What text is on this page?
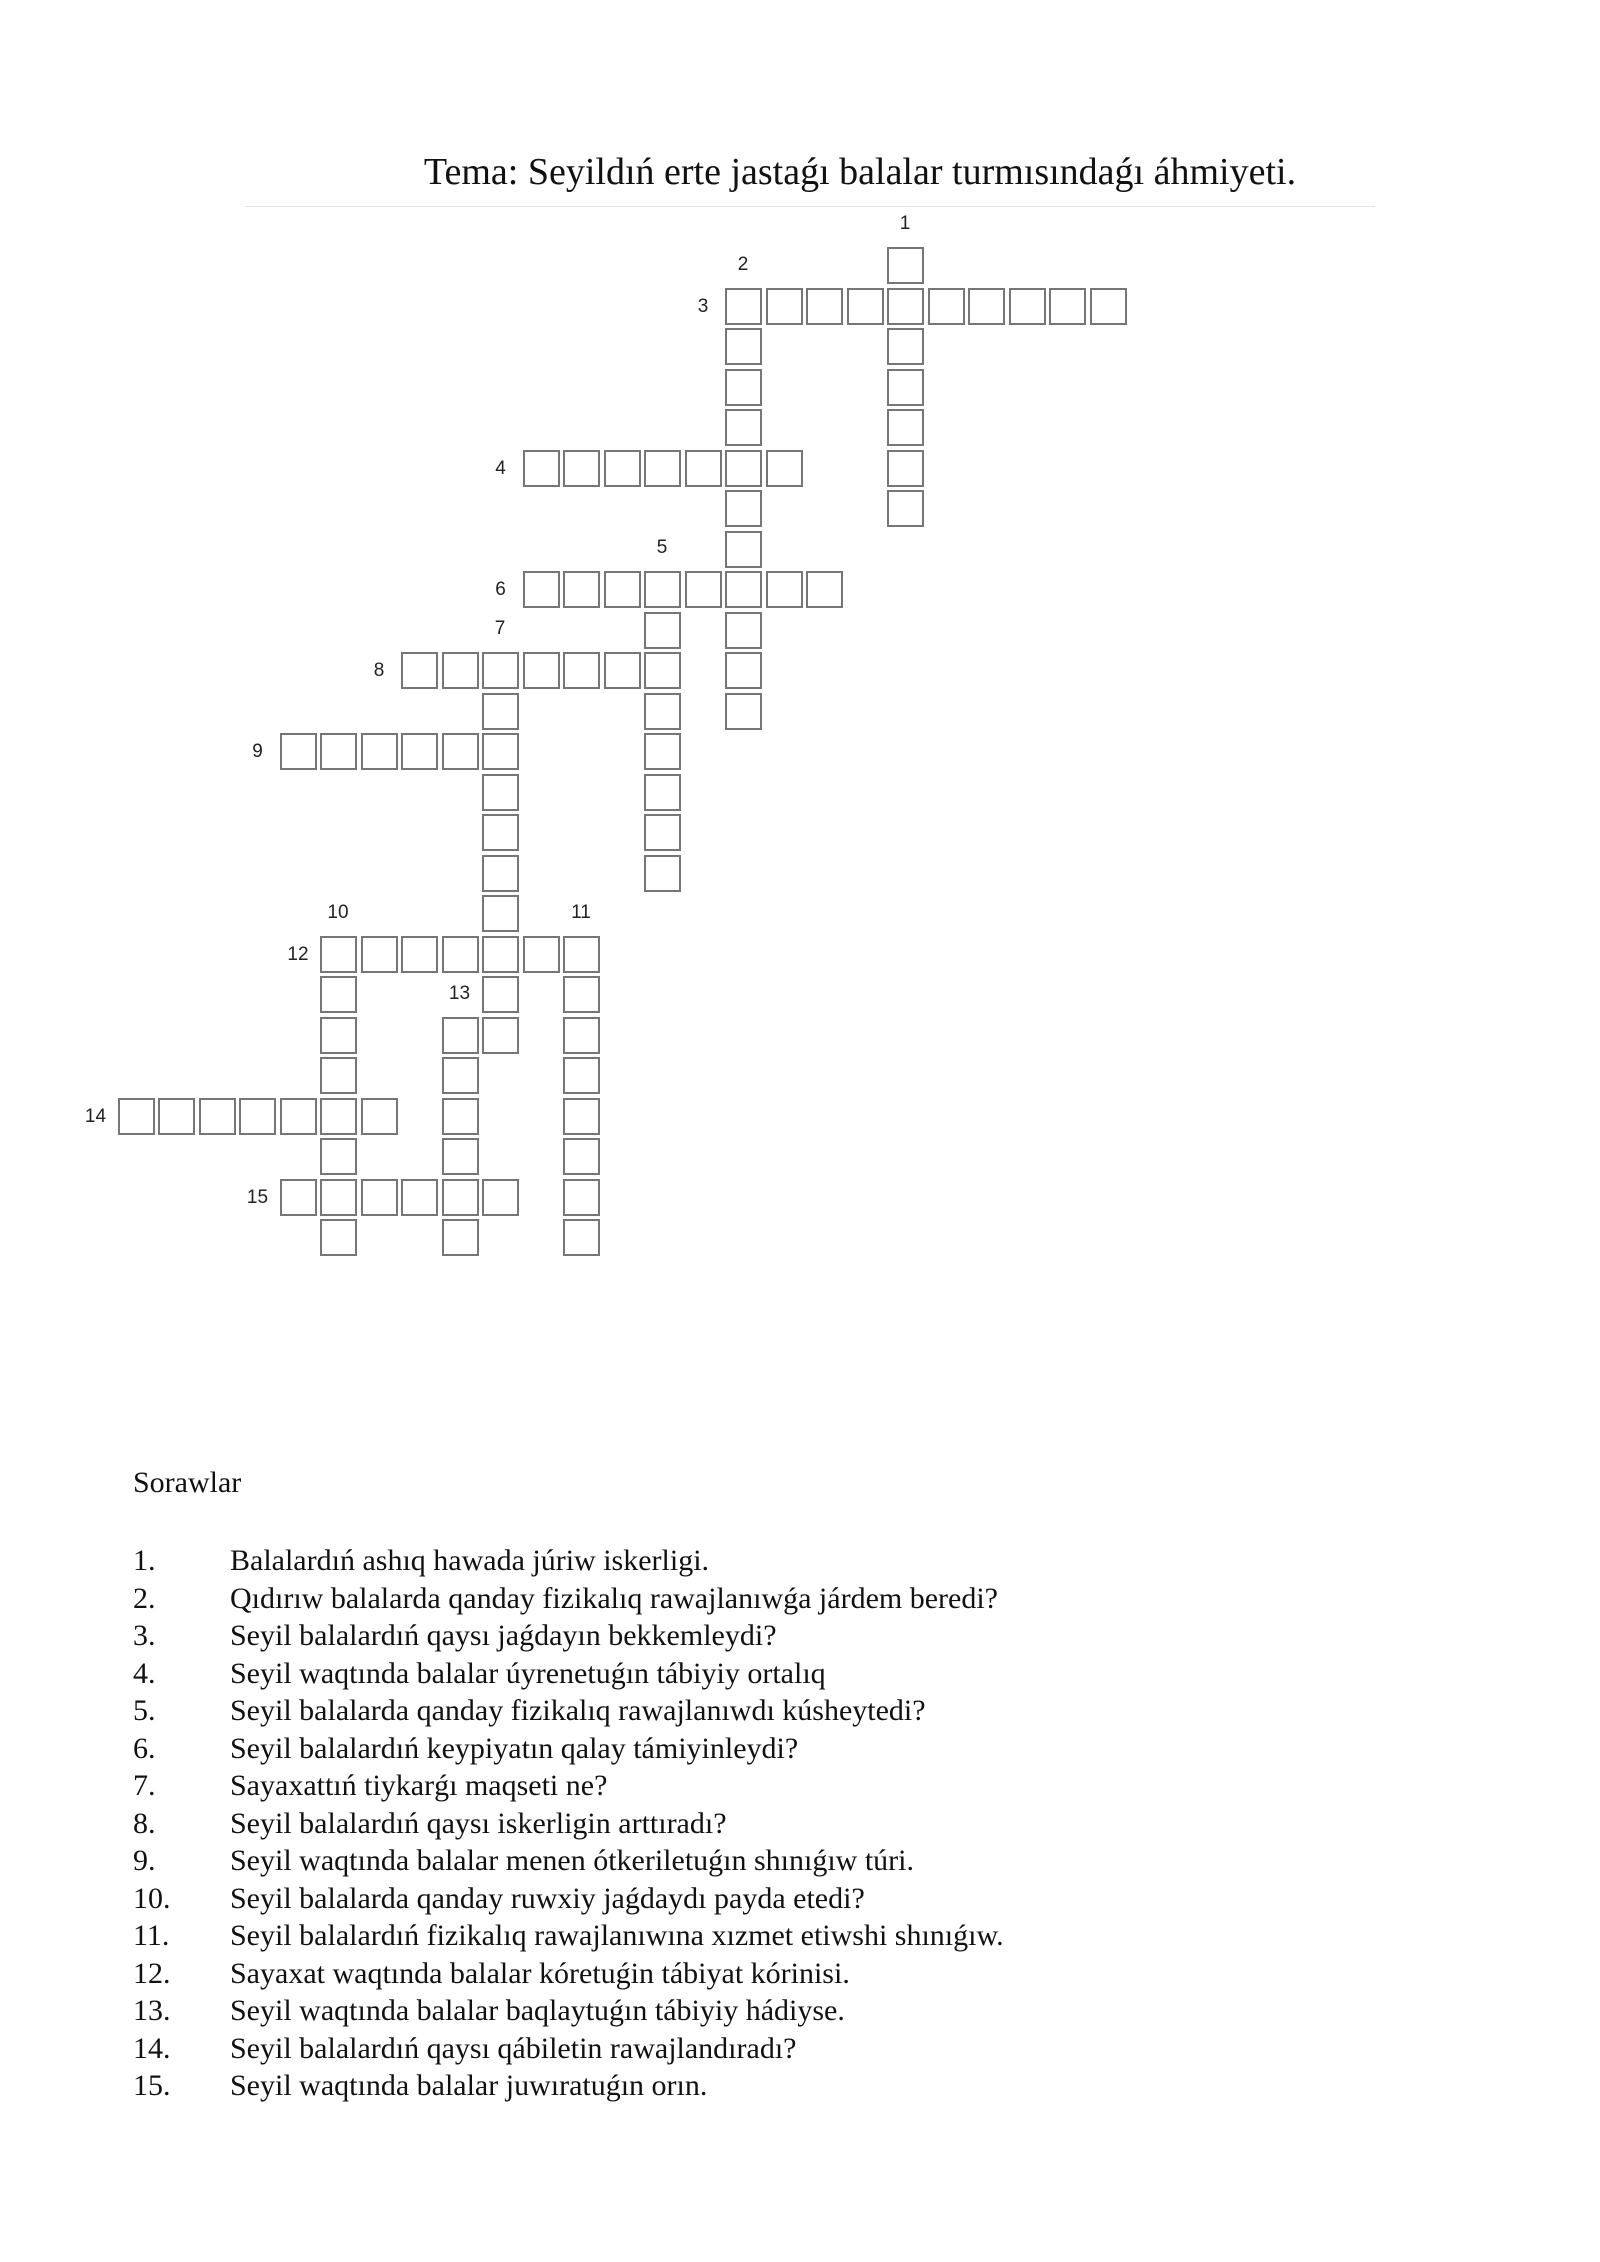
Tema: Seyildıń erte jastaǵı balalar turmısındaǵı áhmiyeti.
1
2
3
4
5
6
7
8
9
10	11
12
13
14
15
Sorawlar
1. Balalardıń ashıq hawada júriw iskerligi.
2. Qıdırıw balalarda qanday fizikalıq rawajlanıwǵa járdem beredi?
3. Seyil balalardıń qaysı jaǵdayın bekkemleydi?
4. Seyil waqtında balalar úyrenetuǵın tábiyiy ortalıq
5. Seyil balalarda qanday fizikalıq rawajlanıwdı kúsheytedi?
6. Seyil balalardıń keypiyatın qalay támiyinleydi?
7. Sayaxattıń tiykarǵı maqseti ne?
8. Seyil balalardıń qaysı iskerligin arttıradı?
9. Seyil waqtında balalar menen ótkeriletuǵın shınıǵıw túri.
10. Seyil balalarda qanday ruwxiy jaǵdaydı payda etedi?
11. Seyil balalardıń fizikalıq rawajlanıwına xızmet etiwshi shınıǵıw.
12. Sayaxat waqtında balalar kóretuǵin tábiyat kórinisi.
13. Seyil waqtında balalar baqlaytuǵın tábiyiy hádiyse.
14. Seyil balalardıń qaysı qábiletin rawajlandıradı?
15. Seyil waqtında balalar juwıratuǵın orın.
